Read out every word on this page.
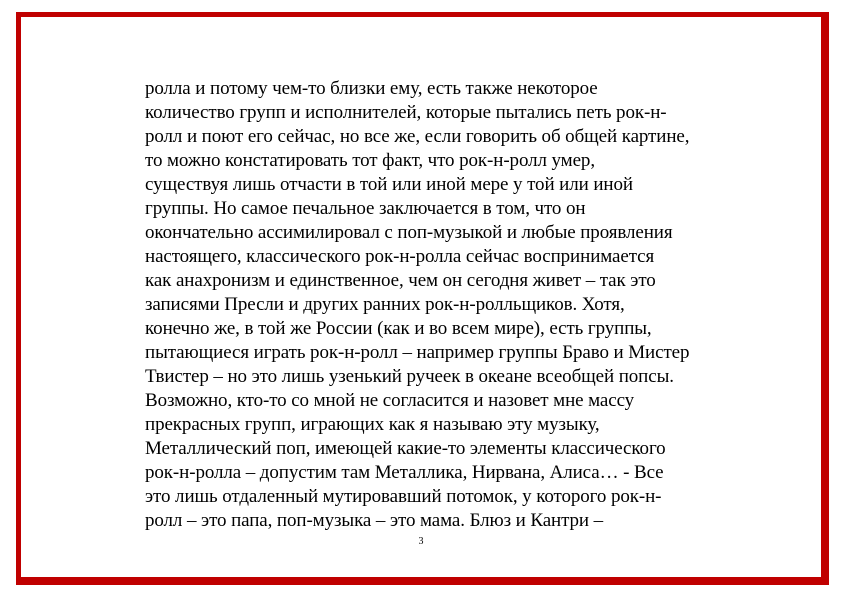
ролла и потому чем-то близки ему, есть также некоторое
количество групп и исполнителей, которые пытались петь рок-н-
ролл и поют его сейчас, но все же, если говорить об общей картине,
то можно констатировать тот факт, что рок-н-ролл умер,
существуя лишь отчасти в той или иной мере у той или иной
группы. Но самое печальное заключается в том, что он
окончательно ассимилировал с поп-музыкой и любые проявления
настоящего, классического рок-н-ролла сейчас воспринимается
как анахронизм и единственное, чем он сегодня живет – так это
записями Пресли и других ранних рок-н-ролльщиков. Хотя,
конечно же, в той же России (как и во всем мире), есть группы,
пытающиеся играть рок-н-ролл – например группы Браво и Мистер
Твистер – но это лишь узенький ручеек в океане всеобщей попсы.
Возможно, кто-то со мной не согласится и назовет мне массу
прекрасных групп, играющих как я называю эту музыку,
Металлический поп, имеющей какие-то элементы классического
рок-н-ролла – допустим там Металлика, Нирвана, Алиса… - Все
это лишь отдаленный мутировавший потомок, у которого рок-н-
ролл – это папа, поп-музыка – это мама. Блюз и Кантри –
3
